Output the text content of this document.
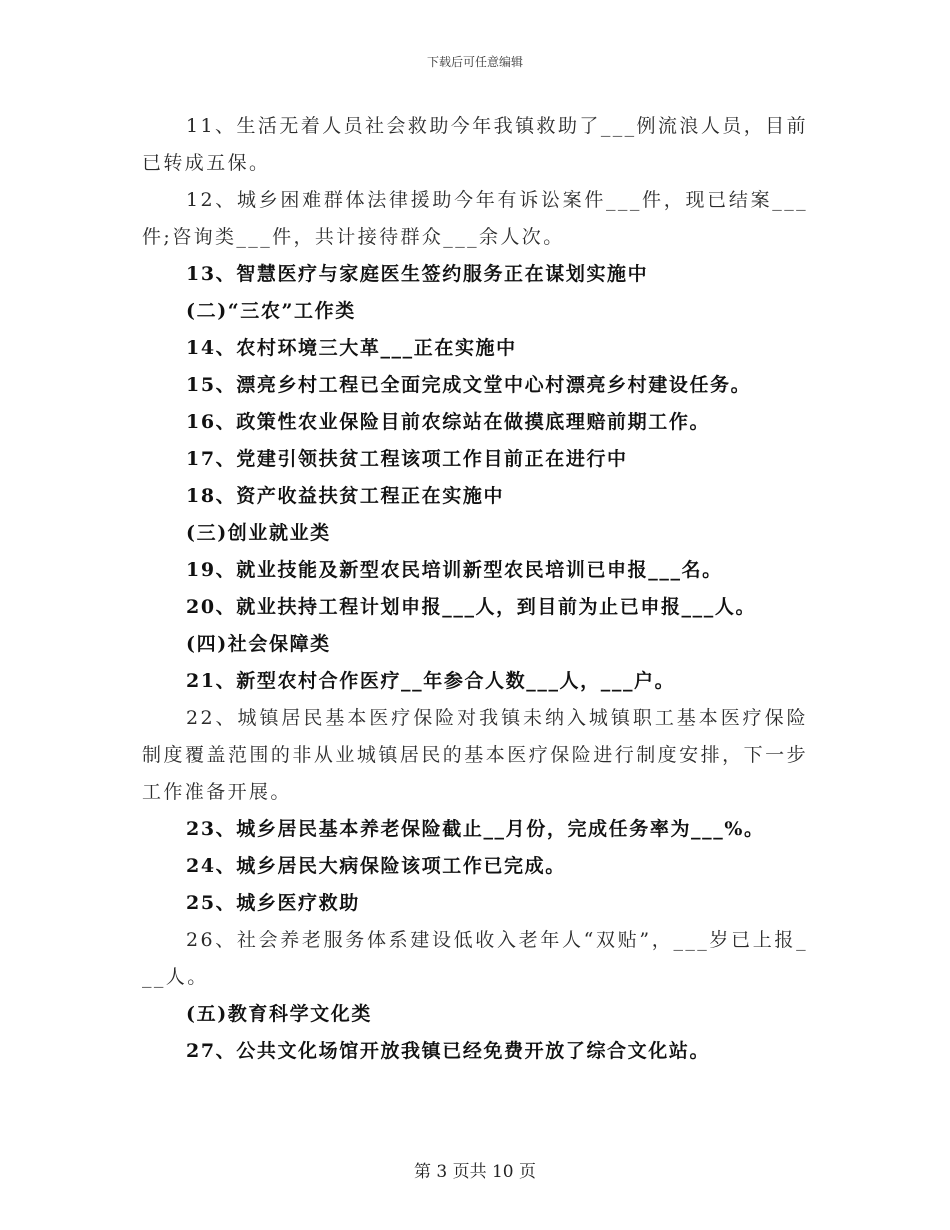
下载后可任意编辑

11、生活无着人员社会救助今年我镇救助了___例流浪人员，目前已转成五保。

12、城乡困难群体法律援助今年有诉讼案件___件，现已结案___件;咨询类___件，共计接待群众___余人次。

13、智慧医疗与家庭医生签约服务正在谋划实施中

(二)“三农”工作类

14、农村环境三大革___正在实施中

15、漂亮乡村工程已全面完成文堂中心村漂亮乡村建设任务。

16、政策性农业保险目前农综站在做摸底理赔前期工作。

17、党建引领扶贫工程该项工作目前正在进行中

18、资产收益扶贫工程正在实施中

(三)创业就业类

19、就业技能及新型农民培训新型农民培训已申报___名。

20、就业扶持工程计划申报___人，到目前为止已申报___人。

(四)社会保障类

21、新型农村合作医疗__年参合人数___人，___户。

22、城镇居民基本医疗保险对我镇未纳入城镇职工基本医疗保险制度覆盖范围的非从业城镇居民的基本医疗保险进行制度安排，下一步工作准备开展。

23、城乡居民基本养老保险截止__月份，完成任务率为___%。

24、城乡居民大病保险该项工作已完成。

25、城乡医疗救助

26、社会养老服务体系建设低收入老年人“双贴”，___岁已上报___人。

(五)教育科学文化类

27、公共文化场馆开放我镇已经免费开放了综合文化站。

第 3 页共 10 页
